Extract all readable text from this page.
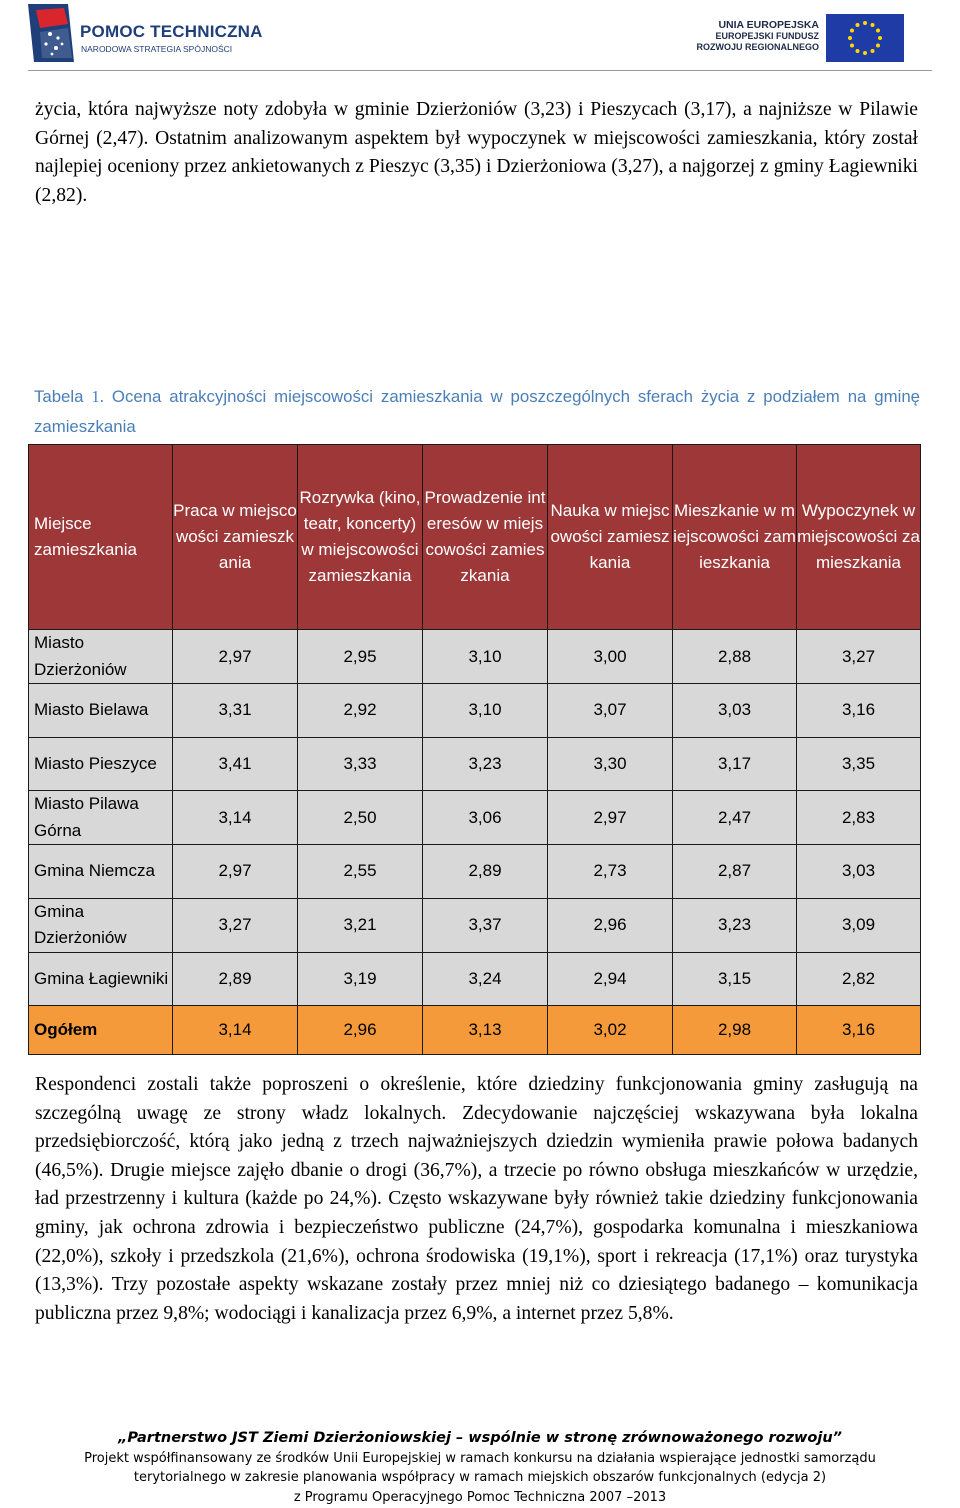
POMOC TECHNICZNA
NARODOWA STRATEGIA SPÓJNOŚCI
UNIA EUROPEJSKA
EUROPEJSKI FUNDUSZ
ROZWOJU REGIONALNEGO
życia, która najwyższe noty zdobyła w gminie Dzierżoniów (3,23) i Pieszycach (3,17), a najniższe w Pilawie Górnej (2,47). Ostatnim analizowanym aspektem był wypoczynek w miejscowości zamieszkania, który został najlepiej oceniony przez ankietowanych z Pieszyc (3,35) i Dzierżoniowa (3,27), a najgorzej z gminy Łagiewniki (2,82).
Tabela 1. Ocena atrakcyjności miejscowości zamieszkania w poszczególnych sferach życia z podziałem na gminę zamieszkania
Miejsce zamieszkania	Praca w miejscowości zamieszkania	Rozrywka (kino, teatr, koncerty) w miejscowości zamieszkania	Prowadzenie interesów w miejscowości zamieszkania	Nauka w miejscowości zamieszkania	Mieszkanie w miejscowości zamieszkania	Wypoczynek w miejscowości zamieszkania
Miasto Dzierżoniów	2,97	2,95	3,10	3,00	2,88	3,27
Miasto Bielawa	3,31	2,92	3,10	3,07	3,03	3,16
Miasto Pieszyce	3,41	3,33	3,23	3,30	3,17	3,35
Miasto Pilawa Górna	3,14	2,50	3,06	2,97	2,47	2,83
Gmina Niemcza	2,97	2,55	2,89	2,73	2,87	3,03
Gmina Dzierżoniów	3,27	3,21	3,37	2,96	3,23	3,09
Gmina Łagiewniki	2,89	3,19	3,24	2,94	3,15	2,82
Ogółem	3,14	2,96	3,13	3,02	2,98	3,16
Respondenci zostali także poproszeni o określenie, które dziedziny funkcjonowania gminy zasługują na szczególną uwagę ze strony władz lokalnych. Zdecydowanie najczęściej wskazywana była lokalna przedsiębiorczość, którą jako jedną z trzech najważniejszych dziedzin wymieniła prawie połowa badanych (46,5%). Drugie miejsce zajęło dbanie o drogi (36,7%), a trzecie po równo obsługa mieszkańców w urzędzie, ład przestrzenny i kultura (każde po 24,%). Często wskazywane były również takie dziedziny funkcjonowania gminy, jak ochrona zdrowia i bezpieczeństwo publiczne (24,7%), gospodarka komunalna i mieszkaniowa (22,0%), szkoły i przedszkola (21,6%), ochrona środowiska (19,1%), sport i rekreacja (17,1%) oraz turystyka (13,3%). Trzy pozostałe aspekty wskazane zostały przez mniej niż co dziesiątego badanego – komunikacja publiczna przez 9,8%; wodociągi i kanalizacja przez 6,9%, a internet przez 5,8%.
„Partnerstwo JST Ziemi Dzierżoniowskiej – wspólnie w stronę zrównoważonego rozwoju”
Projekt współfinansowany ze środków Unii Europejskiej w ramach konkursu na działania wspierające jednostki samorządu
terytorialnego w zakresie planowania współpracy w ramach miejskich obszarów funkcjonalnych (edycja 2)
z Programu Operacyjnego Pomoc Techniczna 2007 –2013
